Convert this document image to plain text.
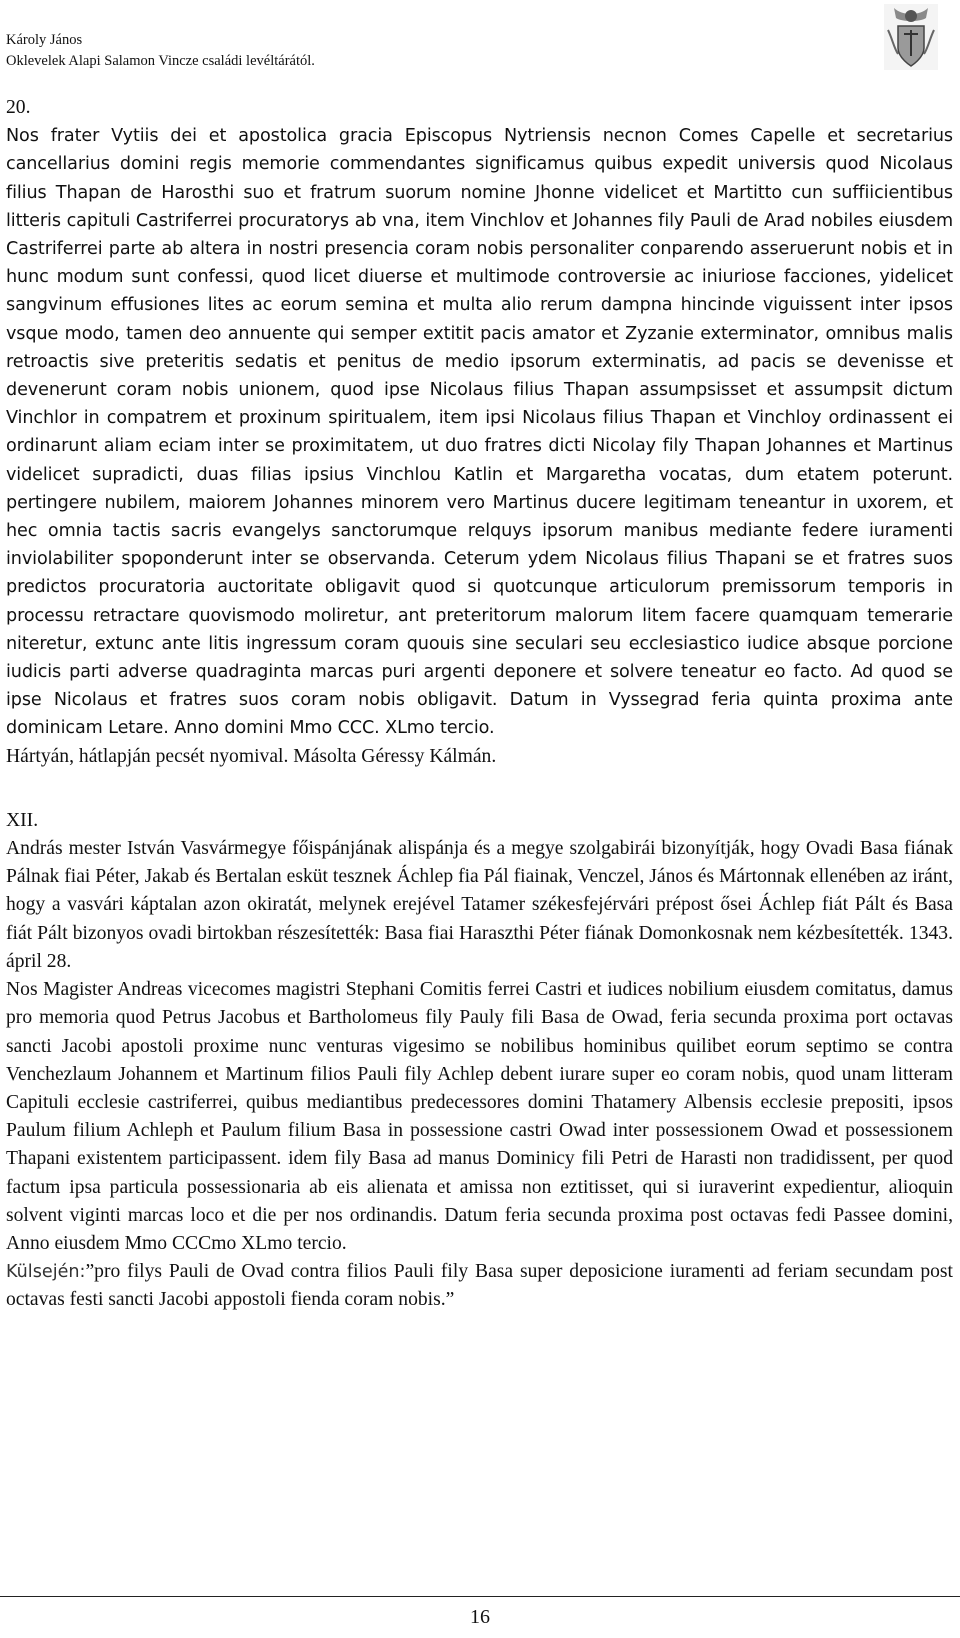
Károly János
Oklevelek Alapi Salamon Vincze családi levéltárától.

20.

Nos frater Vytiis dei et apostolica gracia Episcopus Nytriensis necnon Comes Capelle et secretarius cancellarius domini regis memorie commendantes significamus quibus expedit universis quod Nicolaus filius Thapan de Harosthi suo et fratrum suorum nomine Jhonne videlicet et Martitto cun suffiicientibus litteris capituli Castriferrei procuratorys ab vna, item Vinchlov et Johannes fily Pauli de Arad nobiles eiusdem Castriferrei parte ab altera in nostri presencia coram nobis personaliter conparendo asseruerunt nobis et in hunc modum sunt confessi, quod licet diuerse et multimode controversie ac iniuriose facciones, yidelicet sangvinum effusiones lites ac eorum semina et multa alio rerum dampna hincinde viguissent inter ipsos vsque modo, tamen deo annuente qui semper extitit pacis amator et Zyzanie exterminator, omnibus malis retroactis sive preteritis sedatis et penitus de medio ipsorum exterminatis, ad pacis se devenisse et devenerunt coram nobis unionem, quod ipse Nicolaus filius Thapan assumpsisset et assumpsit dictum Vinchlor in compatrem et proxinum spiritualem, item ipsi Nicolaus filius Thapan et Vinchloy ordinassent ei ordinarunt aliam eciam inter se proximitatem, ut duo fratres dicti Nicolay fily Thapan Johannes et Martinus videlicet supradicti, duas filias ipsius Vinchlou Katlin et Margaretha vocatas, dum etatem poterunt. pertingere nubilem, maiorem Johannes minorem vero Martinus ducere legitimam teneantur in uxorem, et hec omnia tactis sacris evangelys sanctorumque relquys ipsorum manibus mediante federe iuramenti inviolabiliter spoponderunt inter se observanda. Ceterum ydem Nicolaus filius Thapani se et fratres suos predictos procuratoria auctoritate obligavit quod si quotcunque articulorum premissorum temporis in processu retractare quovismodo moliretur, ant preteritorum malorum litem facere quamquam temerarie niteretur, extunc ante litis ingressum coram quouis sine seculari seu ecclesiastico iudice absque porcione iudicis parti adverse quadraginta marcas puri argenti deponere et solvere teneatur eo facto. Ad quod se ipse Nicolaus et fratres suos coram nobis obligavit. Datum in Vyssegrad feria quinta proxima ante dominicam Letare. Anno domini Mmo CCC. XLmo tercio.

Hártyán, hátlapján pecsét nyomival. Másolta Géressy Kálmán.

XII.

András mester István Vasvármegye főispánjának alispánja és a megye szolgabirái bizonyítják, hogy Ovadi Basa fiának Pálnak fiai Péter, Jakab és Bertalan esküt tesznek Áchlep fia Pál fiainak, Venczel, János és Mártonnak ellenében az iránt, hogy a vasvári káptalan azon okiratát, melynek erejével Tatamer székesfejérvári prépost ősei Áchlep fiát Pált és Basa fiát Pált bizonyos ovadi birtokban részesítették: Basa fiai Haraszthi Péter fiának Domonkosnak nem kézbesítették. 1343. ápril 28.

Nos Magister Andreas vicecomes magistri Stephani Comitis ferrei Castri et iudices nobilium eiusdem comitatus, damus pro memoria quod Petrus Jacobus et Bartholomeus fily Pauly fili Basa de Owad, feria secunda proxima port octavas sancti Jacobi apostoli proxime nunc venturas vigesimo se nobilibus hominibus quilibet eorum septimo se contra Venchezlaum Johannem et Martinum filios Pauli fily Achlep debent iurare super eo coram nobis, quod unam litteram Capituli ecclesie castriferrei, quibus mediantibus predecessores domini Thatamery Albensis ecclesie prepositi, ipsos Paulum filium Achleph et Paulum filium Basa in possessione castri Owad inter possessionem Owad et possessionem Thapani existentem participassent. idem fily Basa ad manus Dominicy fili Petri de Harasti non tradidissent, per quod factum ipsa particula possessionaria ab eis alienata et amissa non eztitisset, qui si iuraverint expedientur, alioquin solvent viginti marcas loco et die per nos ordinandis. Datum feria secunda proxima post octavas fedi Passee domini, Anno eiusdem Mmo CCCmo XLmo tercio.

Külsején:”pro filys Pauli de Ovad contra filios Pauli fily Basa super deposicione iuramenti ad feriam secundam post octavas festi sancti Jacobi appostoli fienda coram nobis.”

16
